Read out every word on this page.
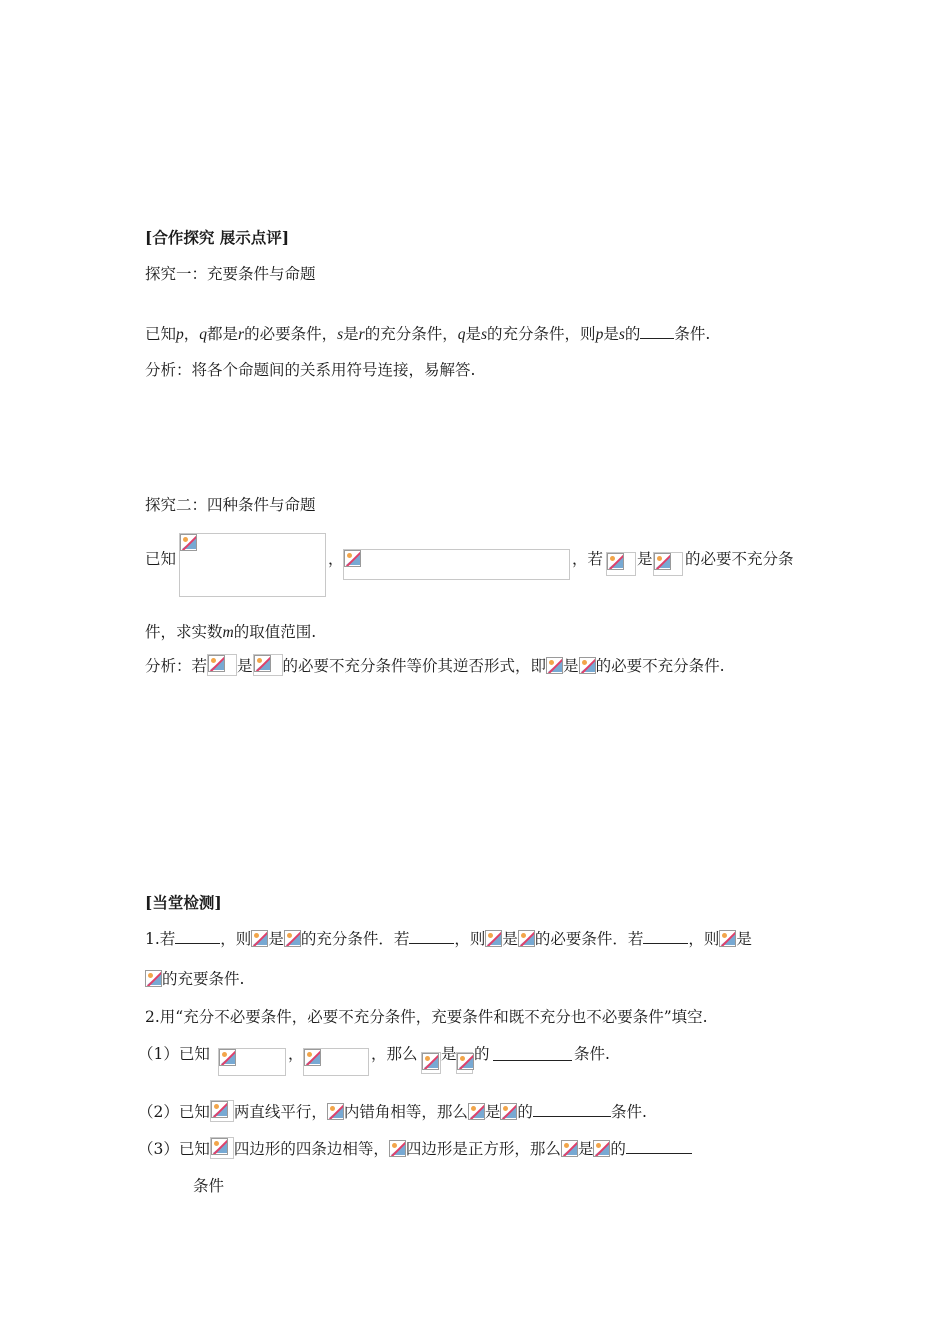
[合作探究 展示点评]
探究一：充要条件与命题
已知p，q都是r的必要条件，s是r的充分条件，q是s的充分条件，则p是s的 条件.
分析：将各个命题间的关系用符号连接，易解答.
探究二：四种条件与命题
已知	，	，若 是 的必要不充分条
件，求实数m的取值范围.
分析：若 是 的必要不充分条件等价其逆否形式，即 是 的必要不充分条件.
[当堂检测]
1.若	，则 是 的充分条件．若	，则 是 的必要条件．若	，则 是
的充要条件.
2.用“充分不必要条件，必要不充分条件，充要条件和既不充分也不必要条件”填空.
（1）已知	，	，那么 是 的	条件.
（2）已知 两直线平行， 内错角相等，那么 是 的	条件.
（3）已知 四边形的四条边相等， 四边形是正方形，那么 是 的
条件
